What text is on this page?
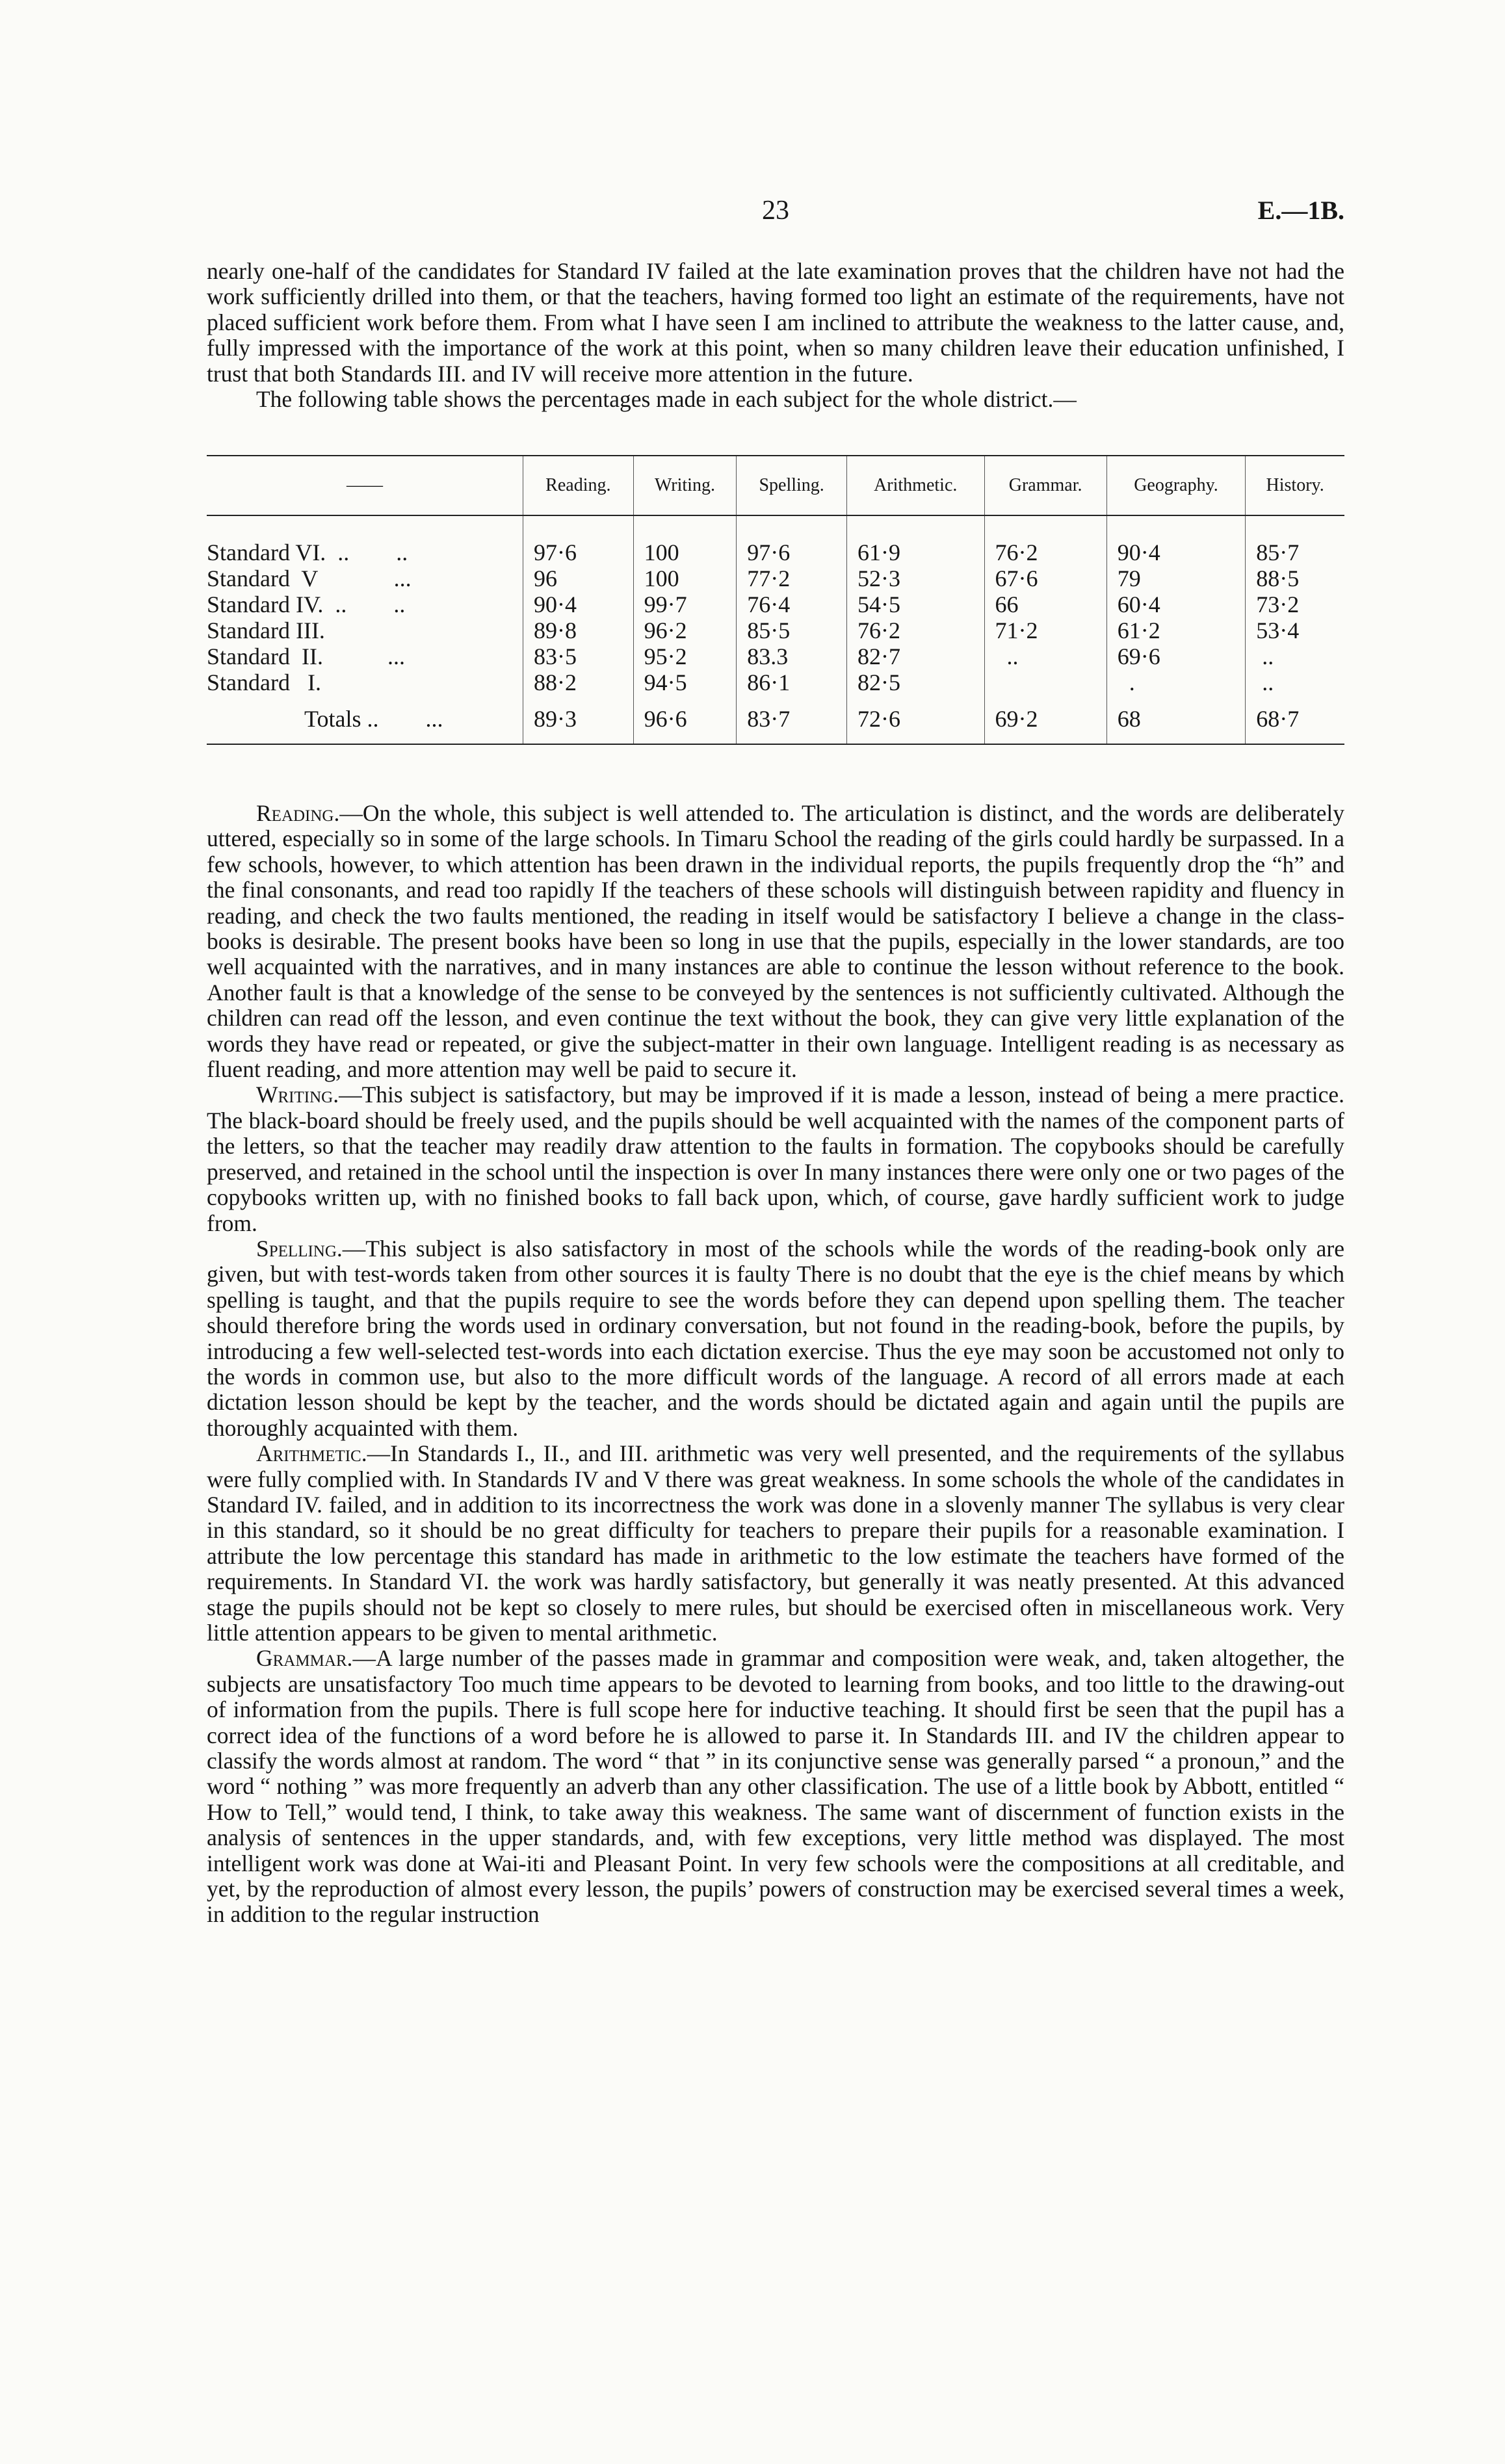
23	E.—1B.

nearly one-half of the candidates for Standard IV failed at the late examination proves that the children have not had the work sufficiently drilled into them, or that the teachers, having formed too light an estimate of the requirements, have not placed sufficient work before them. From what I have seen I am inclined to attribute the weakness to the latter cause, and, fully impressed with the importance of the work at this point, when so many children leave their education unfinished, I trust that both Standards III. and IV will receive more attention in the future.

The following table shows the percentages made in each subject for the whole district.—

——	Reading.	Writing.	Spelling.	Arithmetic.	Grammar.	Geography.	History.

Standard VI.  ..        ..	97·6	100	97·6	61·9	76·2	90·4	85·7
Standard  V             ...	96	100	77·2	52·3	67·6	79	88·5
Standard IV.  ..        ..	90·4	99·7	76·4	54·5	66	60·4	73·2
Standard III.	89·8	96·2	85·5	76·2	71·2	61·2	53·4
Standard  II.           ...	83·5	95·2	83.3	82·7	..	69·6	..
Standard   I.	88·2	94·5	86·1	82·5		.	..
Totals ..        ...	89·3	96·6	83·7	72·6	69·2	68	68·7

Reading.—On the whole, this subject is well attended to. The articulation is distinct, and the words are deliberately uttered, especially so in some of the large schools. In Timaru School the reading of the girls could hardly be surpassed. In a few schools, however, to which attention has been drawn in the individual reports, the pupils frequently drop the “h” and the final consonants, and read too rapidly If the teachers of these schools will distinguish between rapidity and fluency in reading, and check the two faults mentioned, the reading in itself would be satisfactory I believe a change in the class-books is desirable. The present books have been so long in use that the pupils, especially in the lower standards, are too well acquainted with the narratives, and in many instances are able to continue the lesson without reference to the book. Another fault is that a knowledge of the sense to be conveyed by the sentences is not sufficiently cultivated. Although the children can read off the lesson, and even continue the text without the book, they can give very little explanation of the words they have read or repeated, or give the subject-matter in their own language. Intelligent reading is as necessary as fluent reading, and more attention may well be paid to secure it.

Writing.—This subject is satisfactory, but may be improved if it is made a lesson, instead of being a mere practice. The black-board should be freely used, and the pupils should be well acquainted with the names of the component parts of the letters, so that the teacher may readily draw attention to the faults in formation. The copybooks should be carefully preserved, and retained in the school until the inspection is over In many instances there were only one or two pages of the copybooks written up, with no finished books to fall back upon, which, of course, gave hardly sufficient work to judge from.

Spelling.—This subject is also satisfactory in most of the schools while the words of the reading-book only are given, but with test-words taken from other sources it is faulty There is no doubt that the eye is the chief means by which spelling is taught, and that the pupils require to see the words before they can depend upon spelling them. The teacher should therefore bring the words used in ordinary conversation, but not found in the reading-book, before the pupils, by introducing a few well-selected test-words into each dictation exercise. Thus the eye may soon be accustomed not only to the words in common use, but also to the more difficult words of the language. A record of all errors made at each dictation lesson should be kept by the teacher, and the words should be dictated again and again until the pupils are thoroughly acquainted with them.

Arithmetic.—In Standards I., II., and III. arithmetic was very well presented, and the requirements of the syllabus were fully complied with. In Standards IV and V there was great weakness. In some schools the whole of the candidates in Standard IV. failed, and in addition to its incorrectness the work was done in a slovenly manner The syllabus is very clear in this standard, so it should be no great difficulty for teachers to prepare their pupils for a reasonable examination. I attribute the low percentage this standard has made in arithmetic to the low estimate the teachers have formed of the requirements. In Standard VI. the work was hardly satisfactory, but generally it was neatly presented. At this advanced stage the pupils should not be kept so closely to mere rules, but should be exercised often in miscellaneous work. Very little attention appears to be given to mental arithmetic.

Grammar.—A large number of the passes made in grammar and composition were weak, and, taken altogether, the subjects are unsatisfactory Too much time appears to be devoted to learning from books, and too little to the drawing-out of information from the pupils. There is full scope here for inductive teaching. It should first be seen that the pupil has a correct idea of the functions of a word before he is allowed to parse it. In Standards III. and IV the children appear to classify the words almost at random. The word “ that ” in its conjunctive sense was generally parsed “ a pronoun,” and the word “ nothing ” was more frequently an adverb than any other classification. The use of a little book by Abbott, entitled “ How to Tell,” would tend, I think, to take away this weakness. The same want of discernment of function exists in the analysis of sentences in the upper standards, and, with few exceptions, very little method was displayed. The most intelligent work was done at Wai-iti and Pleasant Point. In very few schools were the compositions at all creditable, and yet, by the reproduction of almost every lesson, the pupils’ powers of construction may be exercised several times a week, in addition to the regular instruction
